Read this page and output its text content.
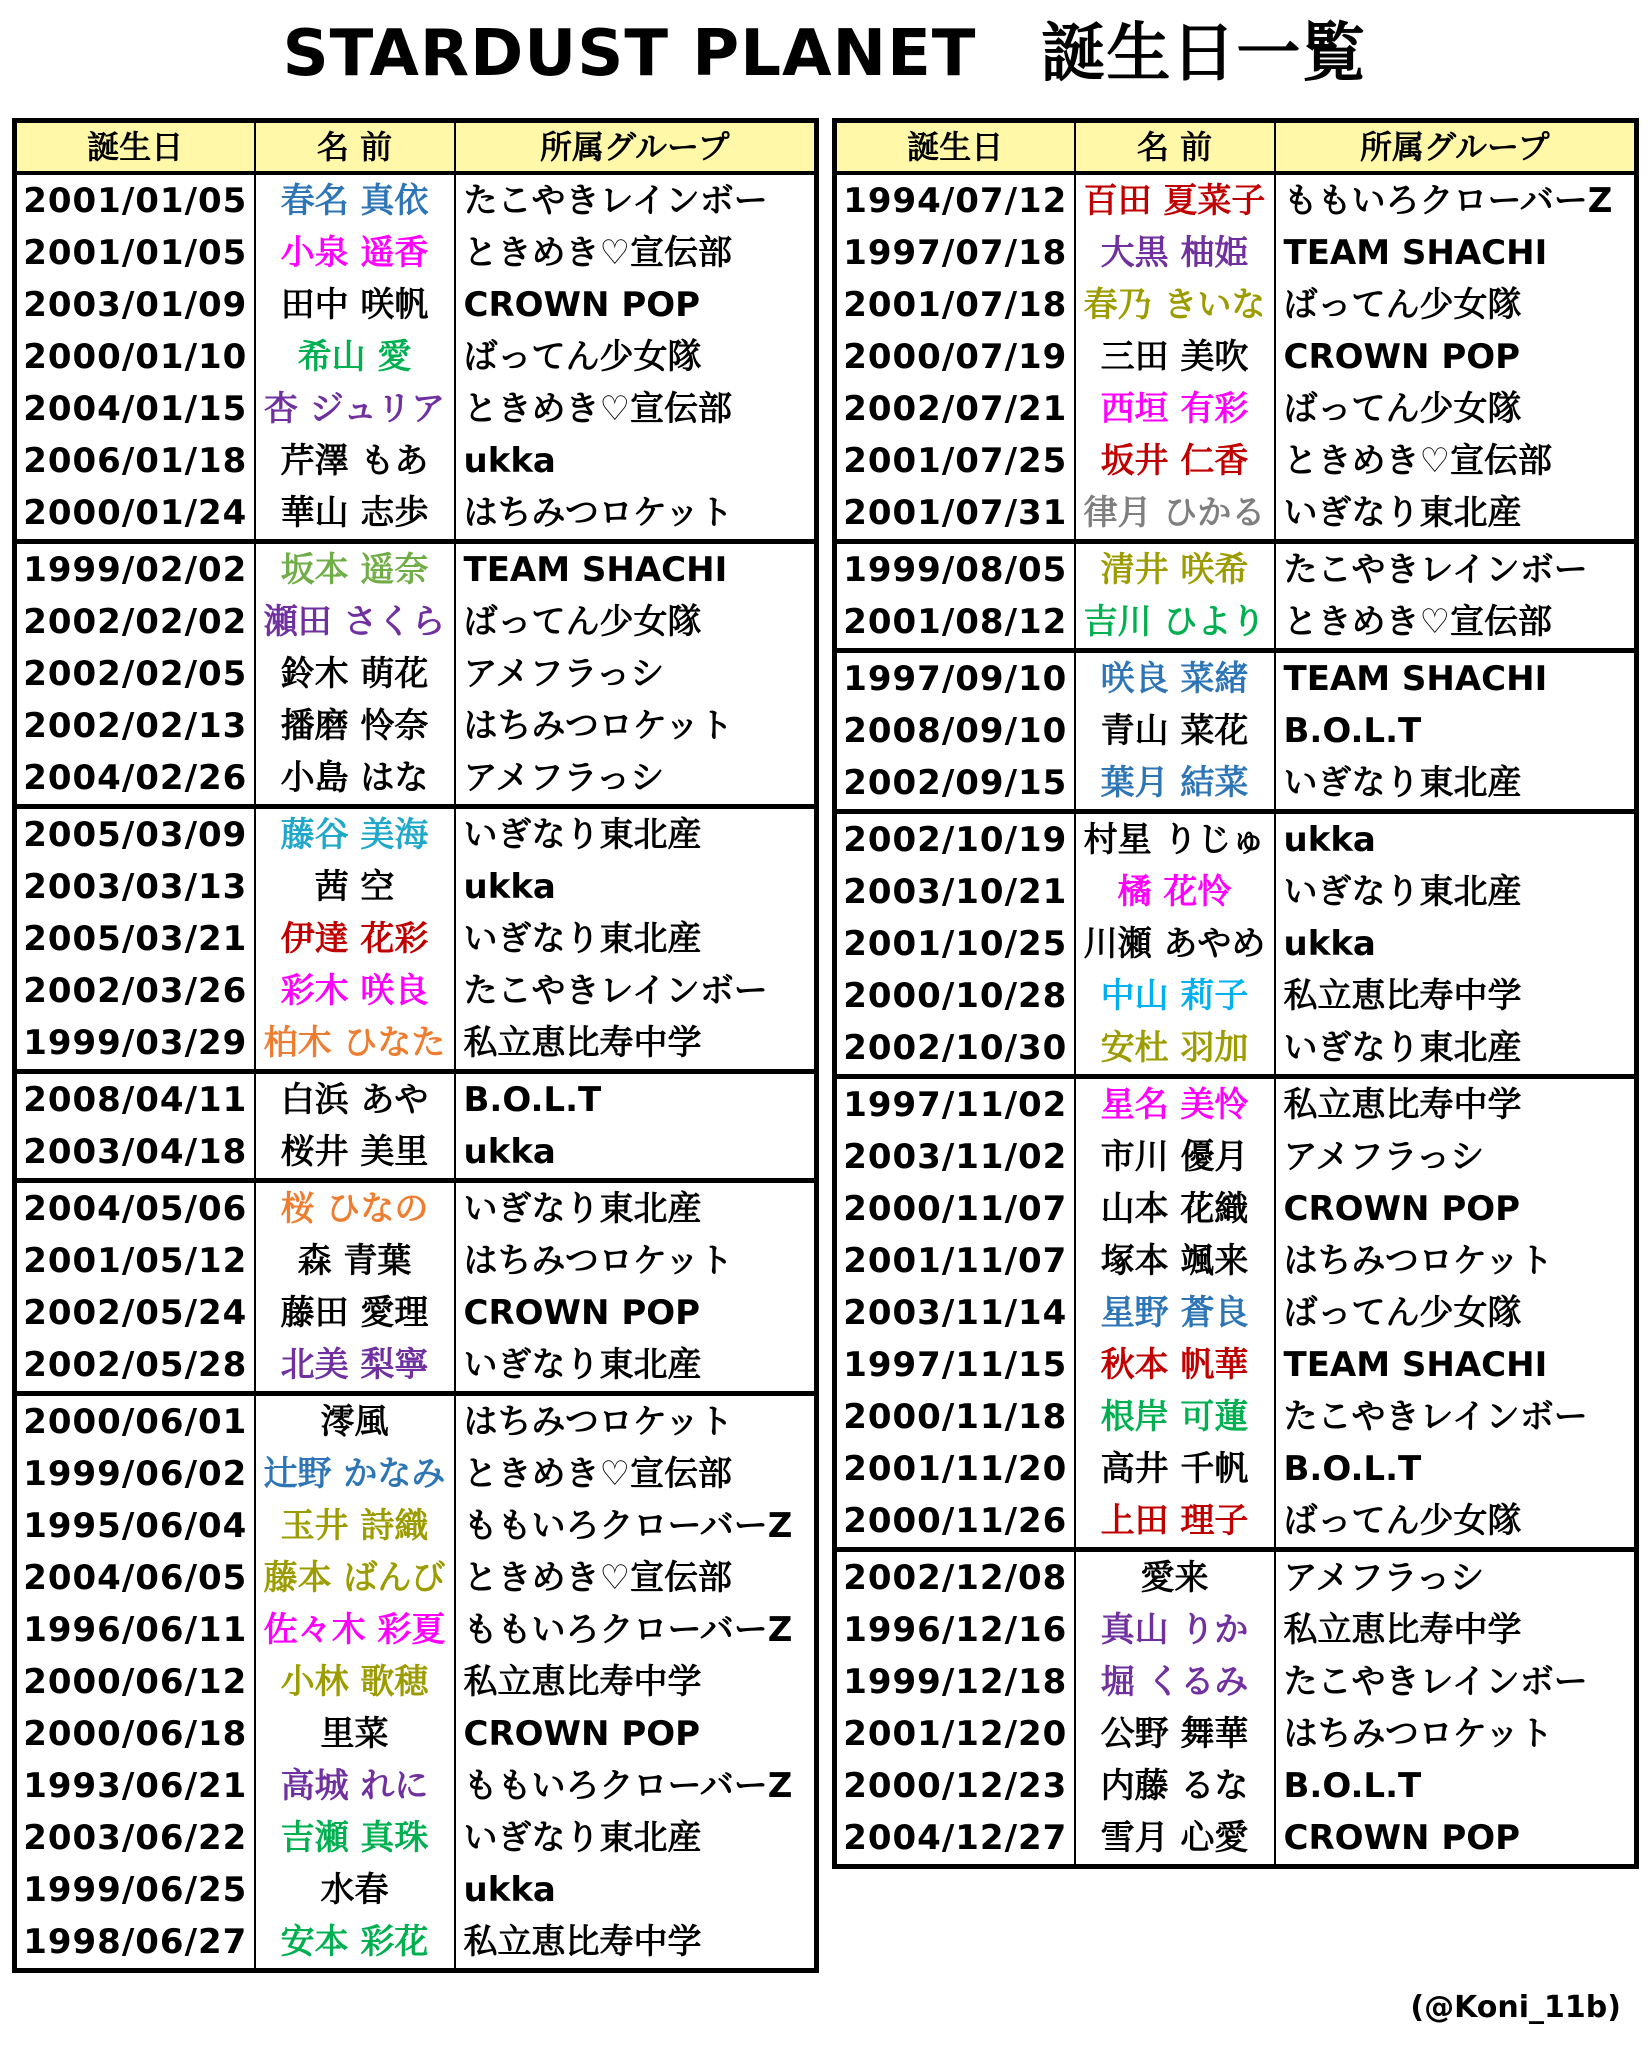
STARDUST PLANET　誕生日一覧
誕生日	名 前	所属グループ
2001/01/05	春名 真依	たこやきレインボー
2001/01/05	小泉 遥香	ときめき♡宣伝部
2003/01/09	田中 咲帆	CROWN POP
2000/01/10	希山 愛	ばってん少女隊
2004/01/15	杏 ジュリア	ときめき♡宣伝部
2006/01/18	芹澤 もあ	ukka
2000/01/24	華山 志歩	はちみつロケット
1999/02/02	坂本 遥奈	TEAM SHACHI
2002/02/02	瀬田 さくら	ばってん少女隊
2002/02/05	鈴木 萌花	アメフラっシ
2002/02/13	播磨 怜奈	はちみつロケット
2004/02/26	小島 はな	アメフラっシ
2005/03/09	藤谷 美海	いぎなり東北産
2003/03/13	茜 空	ukka
2005/03/21	伊達 花彩	いぎなり東北産
2002/03/26	彩木 咲良	たこやきレインボー
1999/03/29	柏木 ひなた	私立恵比寿中学
2008/04/11	白浜 あや	B.O.L.T
2003/04/18	桜井 美里	ukka
2004/05/06	桜 ひなの	いぎなり東北産
2001/05/12	森 青葉	はちみつロケット
2002/05/24	藤田 愛理	CROWN POP
2002/05/28	北美 梨寧	いぎなり東北産
2000/06/01	澪風	はちみつロケット
1999/06/02	辻野 かなみ	ときめき♡宣伝部
1995/06/04	玉井 詩織	ももいろクローバーZ
2004/06/05	藤本 ばんび	ときめき♡宣伝部
1996/06/11	佐々木 彩夏	ももいろクローバーZ
2000/06/12	小林 歌穂	私立恵比寿中学
2000/06/18	里菜	CROWN POP
1993/06/21	高城 れに	ももいろクローバーZ
2003/06/22	吉瀬 真珠	いぎなり東北産
1999/06/25	水春	ukka
1998/06/27	安本 彩花	私立恵比寿中学
誕生日	名 前	所属グループ
1994/07/12	百田 夏菜子	ももいろクローバーZ
1997/07/18	大黒 柚姫	TEAM SHACHI
2001/07/18	春乃 きいな	ばってん少女隊
2000/07/19	三田 美吹	CROWN POP
2002/07/21	西垣 有彩	ばってん少女隊
2001/07/25	坂井 仁香	ときめき♡宣伝部
2001/07/31	律月 ひかる	いぎなり東北産
1999/08/05	清井 咲希	たこやきレインボー
2001/08/12	吉川 ひより	ときめき♡宣伝部
1997/09/10	咲良 菜緒	TEAM SHACHI
2008/09/10	青山 菜花	B.O.L.T
2002/09/15	葉月 結菜	いぎなり東北産
2002/10/19	村星 りじゅ	ukka
2003/10/21	橘 花怜	いぎなり東北産
2001/10/25	川瀬 あやめ	ukka
2000/10/28	中山 莉子	私立恵比寿中学
2002/10/30	安杜 羽加	いぎなり東北産
1997/11/02	星名 美怜	私立恵比寿中学
2003/11/02	市川 優月	アメフラっシ
2000/11/07	山本 花織	CROWN POP
2001/11/07	塚本 颯来	はちみつロケット
2003/11/14	星野 蒼良	ばってん少女隊
1997/11/15	秋本 帆華	TEAM SHACHI
2000/11/18	根岸 可蓮	たこやきレインボー
2001/11/20	高井 千帆	B.O.L.T
2000/11/26	上田 理子	ばってん少女隊
2002/12/08	愛来	アメフラっシ
1996/12/16	真山 りか	私立恵比寿中学
1999/12/18	堀 くるみ	たこやきレインボー
2001/12/20	公野 舞華	はちみつロケット
2000/12/23	内藤 るな	B.O.L.T
2004/12/27	雪月 心愛	CROWN POP
(@Koni_11b)
